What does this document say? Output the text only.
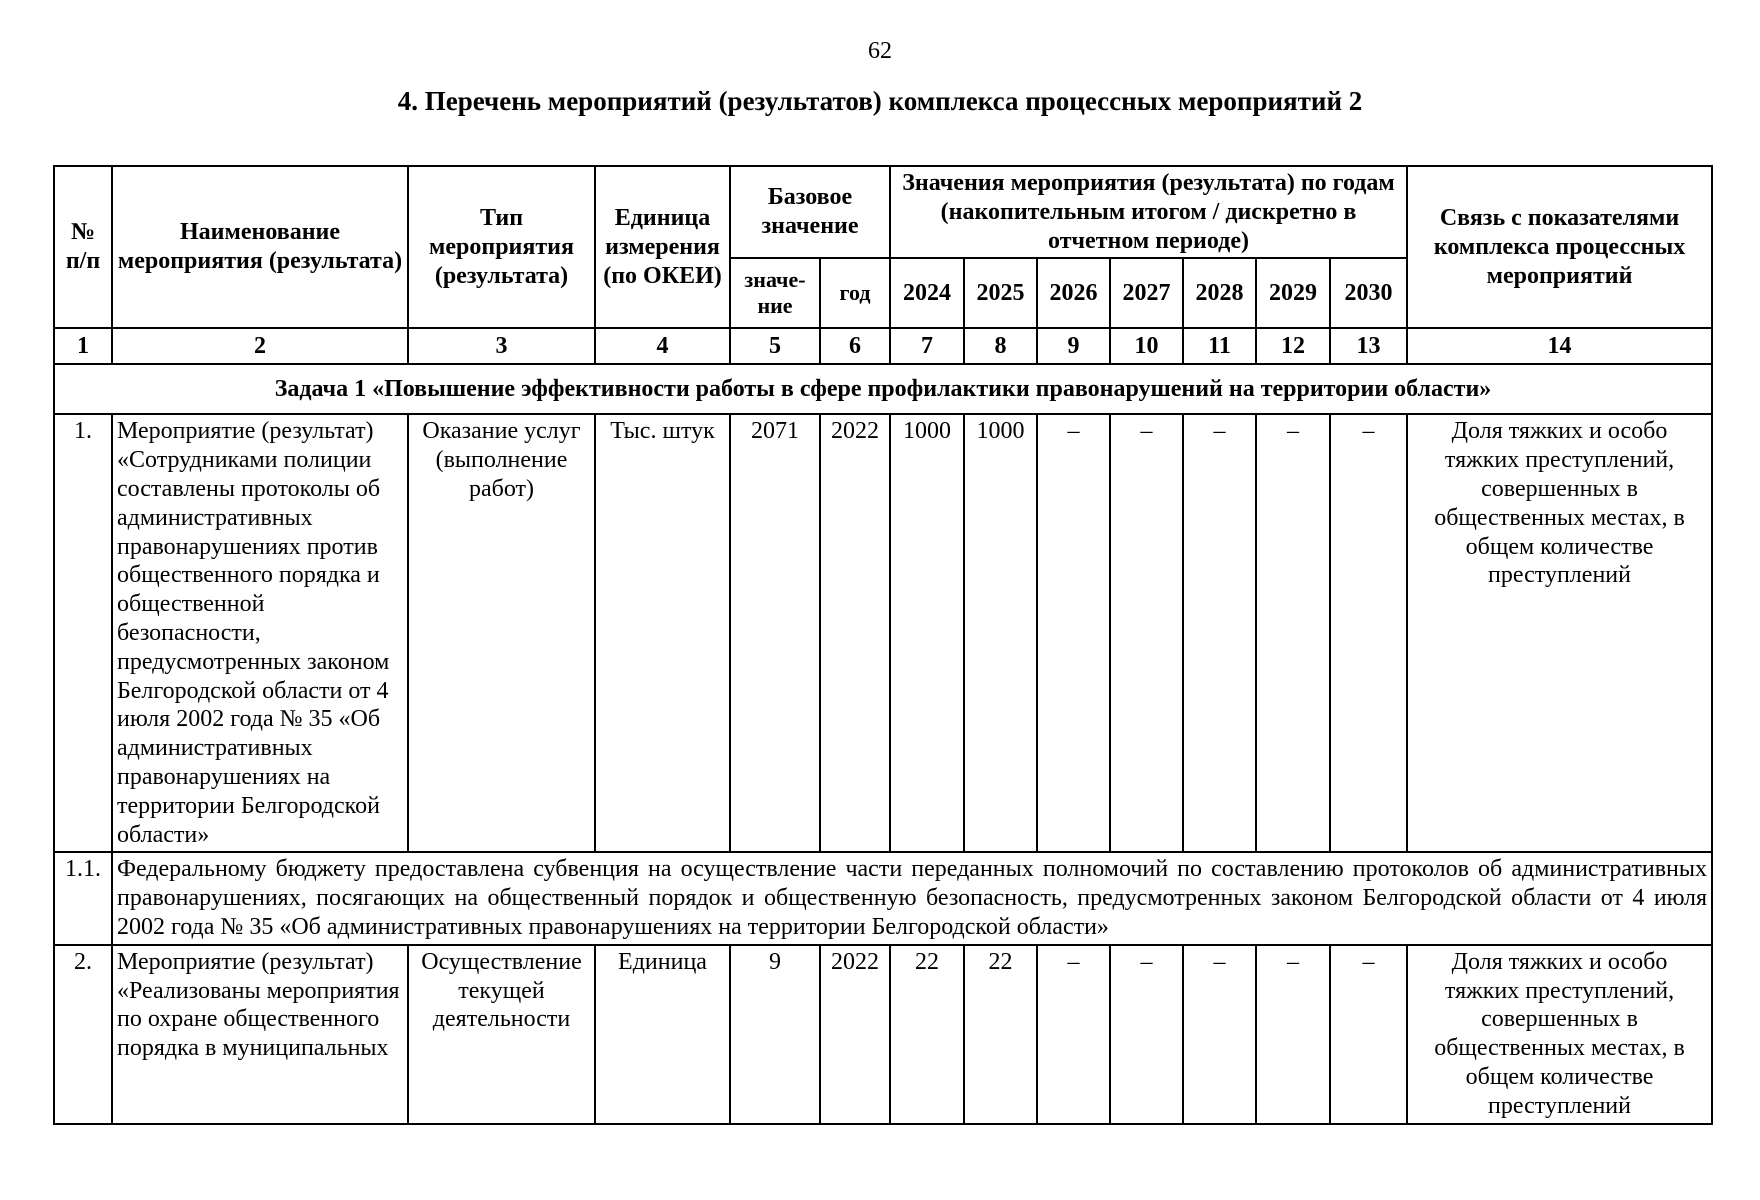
62
4. Перечень мероприятий (результатов) комплекса процессных мероприятий 2
№ п/п	Наименование мероприятия (результата)	Тип мероприятия (результата)	Единица измерения (по ОКЕИ)	Базовое значение		Значения мероприятия (результата) по годам (накопительным итогом / дискретно в отчетном периоде)							Связь с показателями комплекса процессных мероприятий
				значе-ние	год	2024	2025	2026	2027	2028	2029	2030	
1	2	3	4	5	6	7	8	9	10	11	12	13	14
Задача 1 «Повышение эффективности работы в сфере профилактики правонарушений на территории области»													
1.	Мероприятие (результат) «Сотрудниками полиции составлены протоколы об административных правонарушениях против общественного порядка и общественной безопасности, предусмотренных законом Белгородской области от 4 июля 2002 года № 35 «Об административных правонарушениях на территории Белгородской области»	Оказание услуг (выполнение работ)	Тыс. штук	2071	2022	1000	1000	–	–	–	–	–	Доля тяжких и особо тяжких преступлений, совершенных в общественных местах, в общем количестве преступлений
1.1.	Федеральному бюджету предоставлена субвенция на осуществление части переданных полномочий по составлению протоколов об административных правонарушениях, посягающих на общественный порядок и общественную безопасность, предусмотренных законом Белгородской области от 4 июля 2002 года № 35 «Об административных правонарушениях на территории Белгородской области»												
2.	Мероприятие (результат) «Реализованы мероприятия по охране общественного порядка в муниципальных	Осуществление текущей деятельности	Единица	9	2022	22	22	–	–	–	–	–	Доля тяжких и особо тяжких преступлений, совершенных в общественных местах, в общем количестве преступлений
